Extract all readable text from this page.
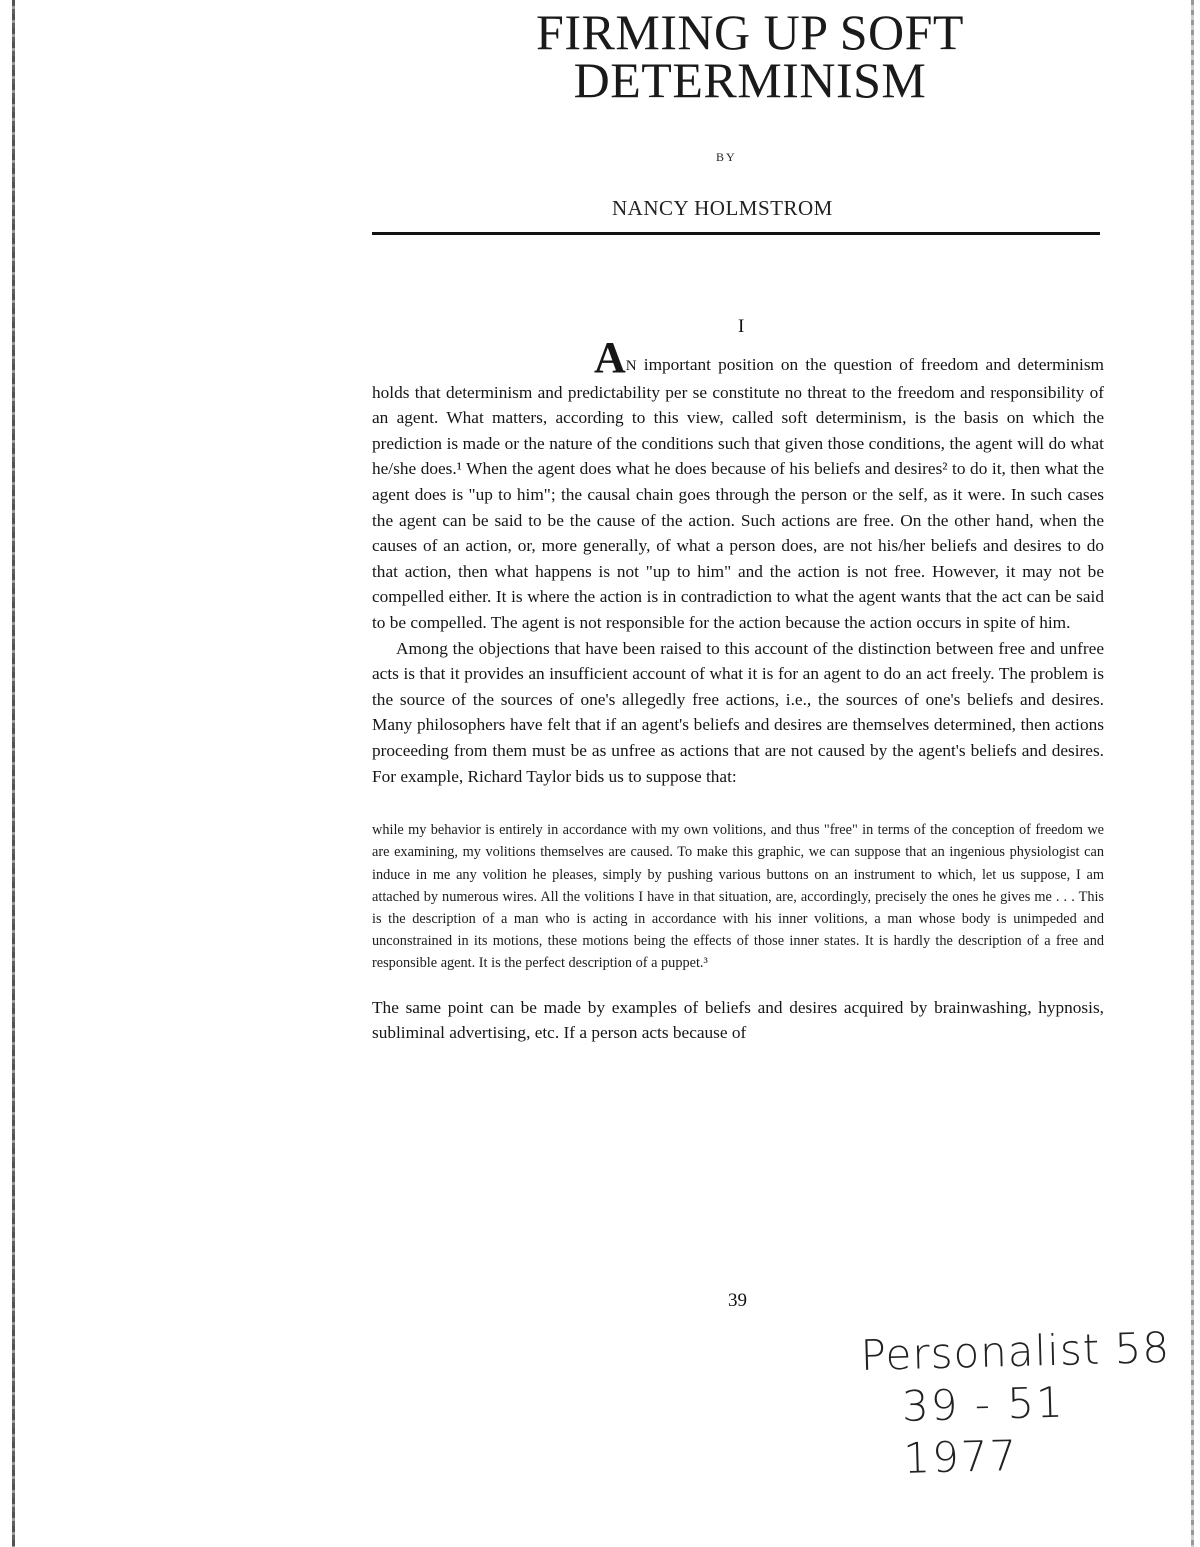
FIRMING UP SOFT
DETERMINISM
BY
NANCY HOLMSTROM
I

AN important position on the question of freedom and determinism holds that determinism and predictability per se constitute no threat to the freedom and responsibility of an agent. What matters, according to this view, called soft determinism, is the basis on which the prediction is made or the nature of the conditions such that given those conditions, the agent will do what he/she does.¹ When the agent does what he does because of his beliefs and desires² to do it, then what the agent does is "up to him"; the causal chain goes through the person or the self, as it were. In such cases the agent can be said to be the cause of the action. Such actions are free. On the other hand, when the causes of an action, or, more generally, of what a person does, are not his/her beliefs and desires to do that action, then what happens is not "up to him" and the action is not free. However, it may not be compelled either. It is where the action is in contradiction to what the agent wants that the act can be said to be compelled. The agent is not responsible for the action because the action occurs in spite of him.

Among the objections that have been raised to this account of the distinction between free and unfree acts is that it provides an insufficient account of what it is for an agent to do an act freely. The problem is the source of the sources of one's allegedly free actions, i.e., the sources of one's beliefs and desires. Many philosophers have felt that if an agent's beliefs and desires are themselves determined, then actions proceeding from them must be as unfree as actions that are not caused by the agent's beliefs and desires. For example, Richard Taylor bids us to suppose that:

while my behavior is entirely in accordance with my own volitions, and thus "free" in terms of the conception of freedom we are examining, my volitions themselves are caused. To make this graphic, we can suppose that an ingenious physiologist can induce in me any volition he pleases, simply by pushing various buttons on an instrument to which, let us suppose, I am attached by numerous wires. All the volitions I have in that situation, are, accordingly, precisely the ones he gives me . . . This is the description of a man who is acting in accordance with his inner volitions, a man whose body is unimpeded and unconstrained in its motions, these motions being the effects of those inner states. It is hardly the description of a free and responsible agent. It is the perfect description of a puppet.³

The same point can be made by examples of beliefs and desires acquired by brainwashing, hypnosis, subliminal advertising, etc. If a person acts because of

39
Personalist 58
39 - 51 1977
